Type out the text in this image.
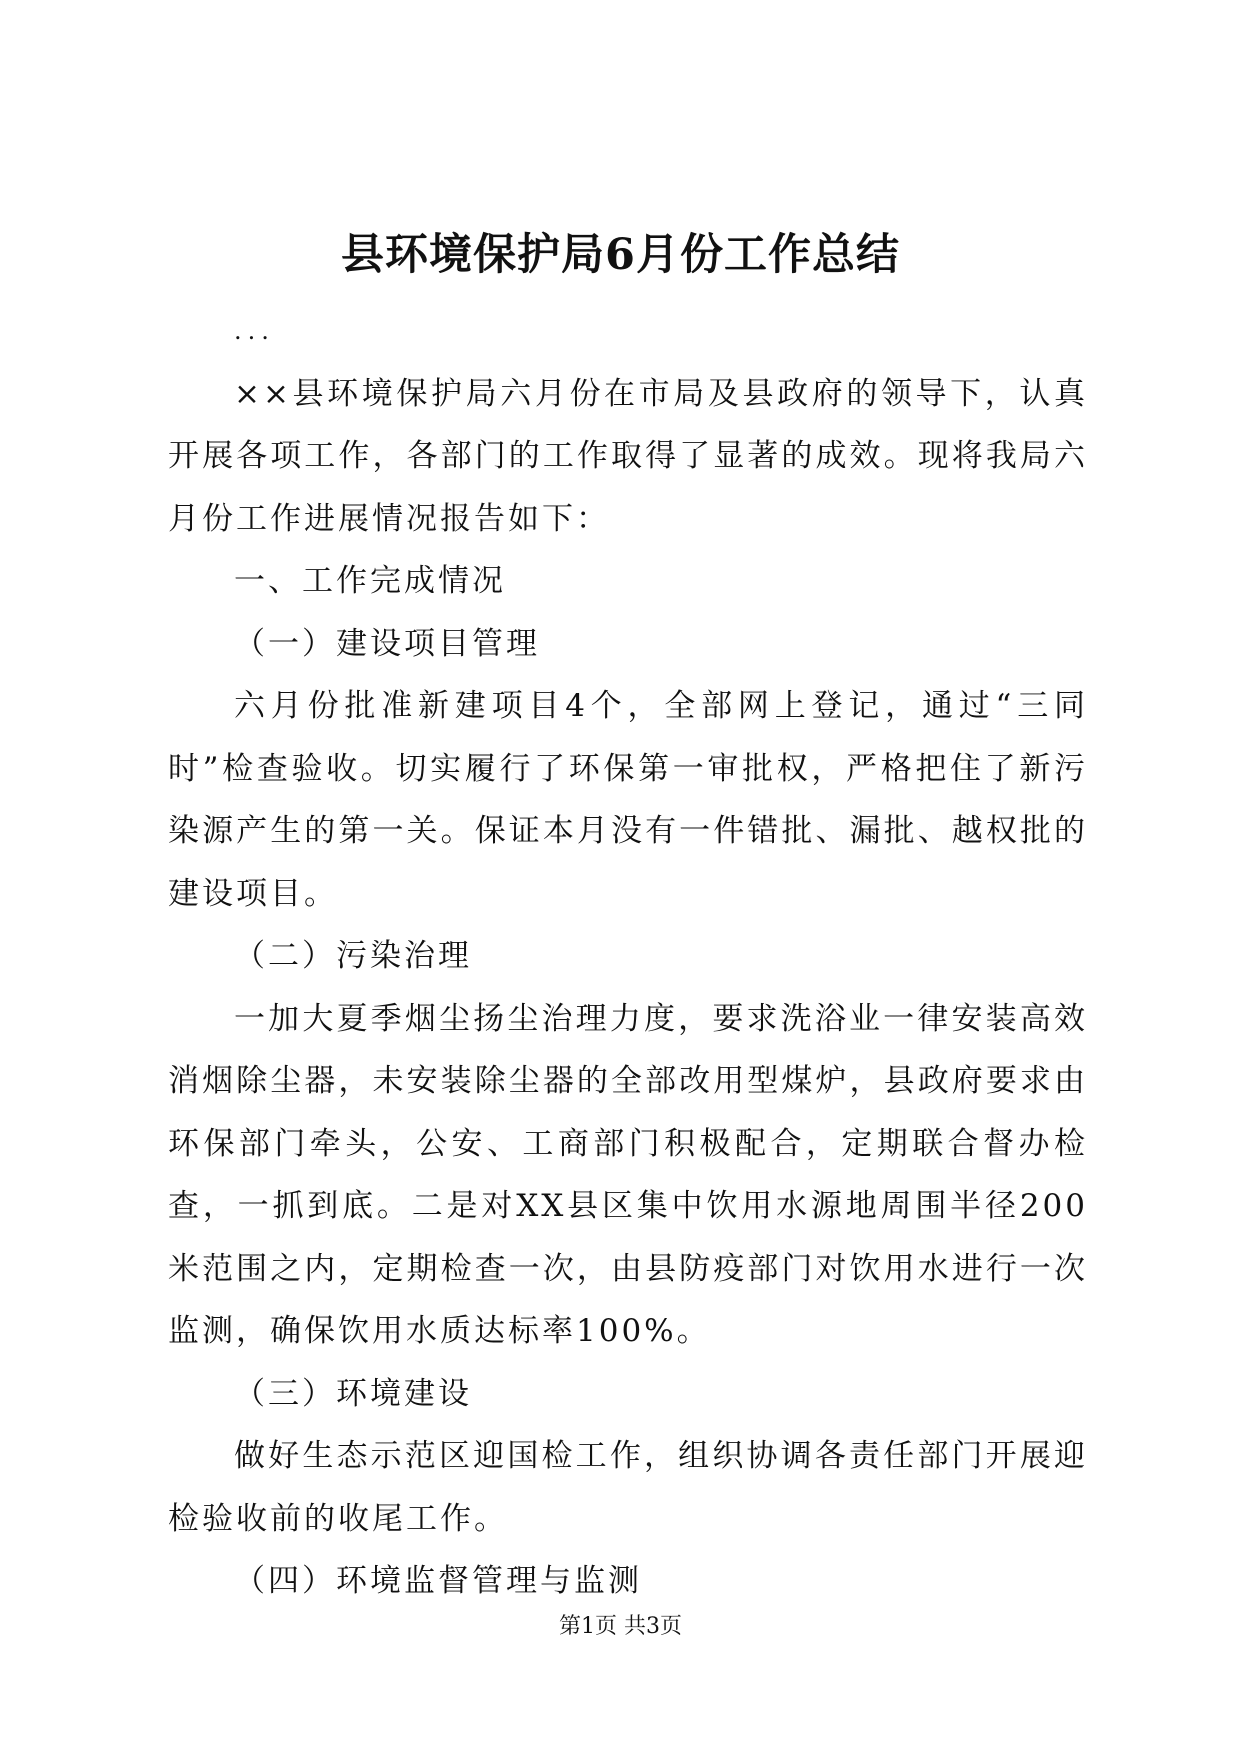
县环境保护局6月份工作总结

...

××县环境保护局六月份在市局及县政府的领导下，认真开展各项工作，各部门的工作取得了显著的成效。现将我局六月份工作进展情况报告如下：

一、工作完成情况

（一）建设项目管理

六月份批准新建项目4个，全部网上登记，通过“三同时”检查验收。切实履行了环保第一审批权，严格把住了新污染源产生的第一关。保证本月没有一件错批、漏批、越权批的建设项目。

（二）污染治理

一加大夏季烟尘扬尘治理力度，要求洗浴业一律安装高效消烟除尘器，未安装除尘器的全部改用型煤炉，县政府要求由环保部门牵头，公安、工商部门积极配合，定期联合督办检查，一抓到底。二是对XX县区集中饮用水源地周围半径200米范围之内，定期检查一次，由县防疫部门对饮用水进行一次监测，确保饮用水质达标率100%。

（三）环境建设

做好生态示范区迎国检工作，组织协调各责任部门开展迎检验收前的收尾工作。

（四）环境监督管理与监测

第1页 共3页
